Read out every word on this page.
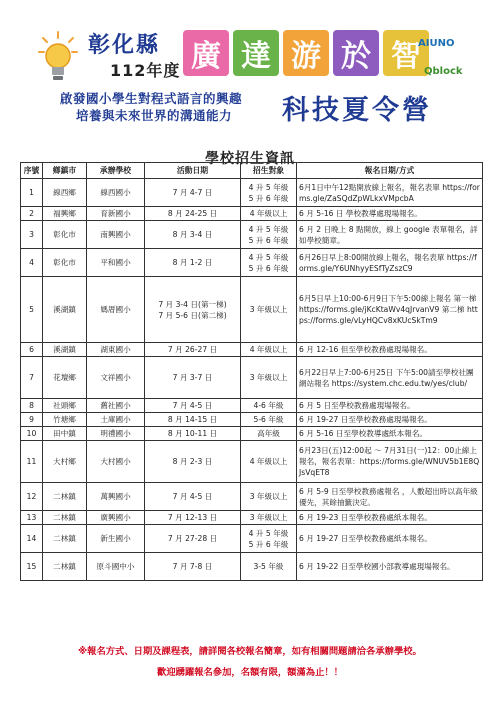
彰化縣
112年度 廣 達 游 於 智
AIUNO
Qblock
啟發國小學生對程式語言的興趣
培養與未來世界的溝通能力 科技夏令營
學校招生資訊
序號	鄉鎮市	承辦學校	活動日期	招生對象	報名日期/方式
1	線西鄉	線西國小	7 月 4-7 日	4 升 5 年級
5 升 6 年級	6月1日中午12點開放線上報名，報名表單 https://forms.gle/ZaSQdZpWLkxVMpcbA
2	福興鄉	育新國小	8 月 24-25 日	4 年級以上	6 月 5-16 日 學校教導處現場報名。
3	彰化市	南興國小	8 月 3-4 日	4 升 5 年級
5 升 6 年級	6 月 2 日晚上 8 點開放，線上 google 表單報名，詳如學校簡章。
4	彰化市	平和國小	8 月 1-2 日	4 升 5 年級
5 升 6 年級	6月26日早上8:00開放線上報名，報名表單 https://forms.gle/Y6UNhyyESfTyZszC9
5	溪湖鎮	媽厝國小	7 月 3-4 日(第一梯)
7 月 5-6 日(第二梯)	3 年級以上	6月5日早上10:00-6月9日下午5:00線上報名 第一梯 https://forms.gle/jKcKtaWv4qJrvanV9 第二梯 https://forms.gle/vLyHQCv8xKUcSkTm9
6	溪湖鎮	湖東國小	7 月 26-27 日	4 年級以上	6 月 12-16 但至學校教務處現場報名。
7	花壇鄉	文祥國小	7 月 3-7 日	3 年級以上	6月22日早上7:00-6月25日 下午5:00請至學校社團網站報名 https://system.chc.edu.tw/yes/club/
8	社頭鄉	舊社國小	7 月 4-5 日	4-6 年級	6 月 5 日至學校教務處現場報名。
9	竹塘鄉	土庫國小	8 月 14-15 日	5-6 年級	6 月 19-27 日至學校教務處現場報名。
10	田中鎮	明禮國小	8 月 10-11 日	高年級	6 月 5-16 日至學校教導處紙本報名。
11	大村鄉	大村國小	8 月 2-3 日	4 年級以上	6月23日(五)12:00起 ～ 7月31日(一)12：00止線上報名，報名表單：https://forms.gle/WNUV5b1E8QJsVqET8
12	二林鎮	萬興國小	7 月 4-5 日	3 年級以上	6 月 5-9 日至學校教務處報名 ，人數超出時以高年級優先，其餘抽籤決定。
13	二林鎮	廣興國小	7 月 12-13 日	3 年級以上	6 月 19-23 日至學校教務處紙本報名。
14	二林鎮	新生國小	7 月 27-28 日	4 升 5 年級
5 升 6 年級	6 月 19-27 日至學校教務處紙本報名。
15	二林鎮	原斗國中小	7 月 7-8 日	3-5 年級	6 月 19-22 日至學校國小部教導處現場報名。
※報名方式、日期及課程表，請詳閱各校報名簡章，如有相關問題請洽各承辦學校。
歡迎踴躍報名參加，名額有限，額滿為止！！
